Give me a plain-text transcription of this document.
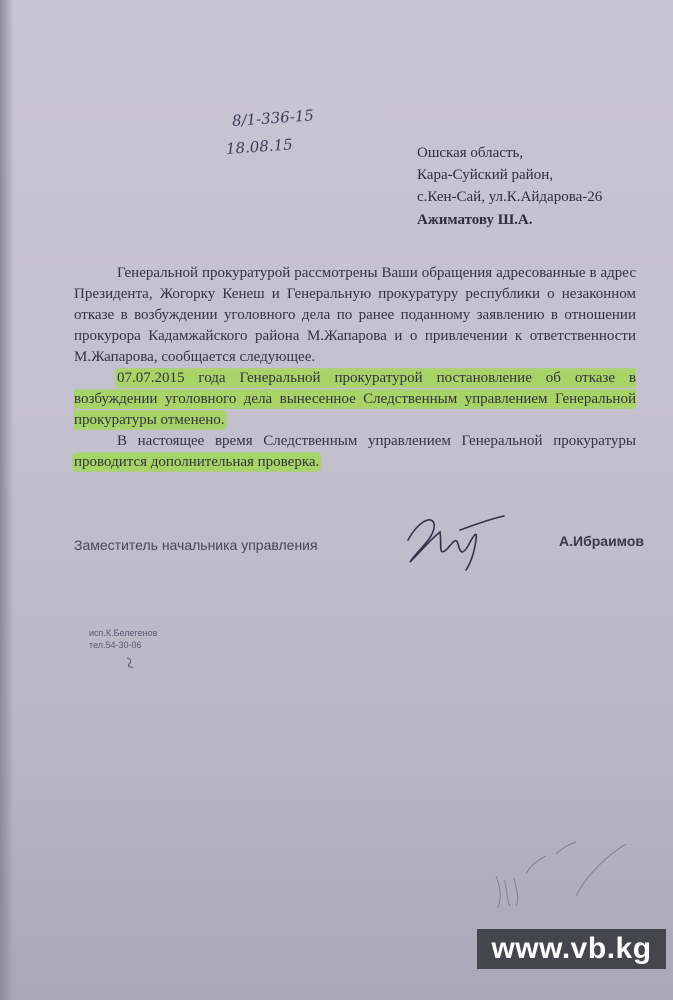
8/1-336-15
18.08.15	Ошская область,
Кара-Суйский район,
с.Кен-Сай, ул.К.Айдарова-26
Ажиматову Ш.А.

Генеральной прокуратурой рассмотрены Ваши обращения адресованные в адрес Президента, Жогорку Кенеш и Генеральную прокуратуру республики о незаконном отказе в возбуждении уголовного дела по ранее поданному заявлению в отношении прокурора Кадамжайского района М.Жапарова и о привлечении к ответственности М.Жапарова, сообщается следующее.

07.07.2015 года Генеральной прокуратурой постановление об отказе в возбуждении уголовного дела вынесенное Следственным управлением Генеральной прокуратуры отменено.

В настоящее время Следственным управлением Генеральной прокуратуры проводится дополнительная проверка.

Заместитель начальника управления	А.Ибраимов
исп.К.Белегенов
тел.54-30-06
www.vb.kg
